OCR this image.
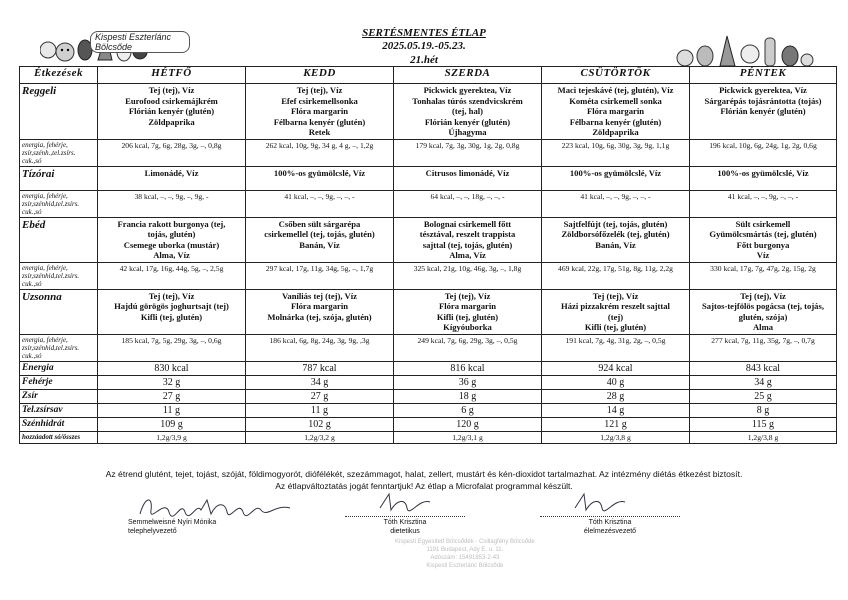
Kispesti Eszterlánc Bölcsőde
SERTÉSMENTES ÉTLAP
2025.05.19.-05.23.
21.hét
Étkezések	HÉTFŐ	KEDD	SZERDA	CSÜTÖRTÖK	PÉNTEK
Reggeli	Tej (tej), Víz
Eurofood csirkemájkrém
Flórián kenyér (glutén)
Zöldpaprika	Tej (tej), Víz
Efef csirkemellsonka
Flóra margarin
Félbarna kenyér (glutén)
Retek	Pickwick gyerektea, Víz
Tonhalas túrós szendvicskrém
(tej, hal)
Flórián kenyér (glutén)
Újhagyma	Maci tejeskávé (tej, glutén), Víz
Kométa csirkemell sonka
Flóra margarin
Félbarna kenyér (glutén)
Zöldpaprika	Pickwick gyerektea, Víz
Sárgarépás tojásrántotta (tojás)
Flórián kenyér (glutén)

energia, fehérje, zsír,szénh.,tel.zsírs. cuk.,só	206 kcal, 7g, 6g, 28g, 3g, –, 0,8g	262 kcal, 10g, 9g, 34 g, 4 g, –, 1,2g	179 kcal, 7g, 3g, 30g, 1g, 2g, 0,8g	223 kcal, 10g, 6g, 30g, 3g, 9g, 1,1g	196 kcal, 10g, 6g, 24g, 1g, 2g, 0,6g
Tízórai	Limonádé, Víz	100%-os gyümölcslé, Víz	Citrusos limonádé, Víz	100%-os gyümölcslé, Víz	100%-os gyümölcslé, Víz

energia, fehérje, zsír,szénhid,tel.zsírs. cuk.,só	38 kcal, –, –, 9g, –, 9g, -	41 kcal, –, –, 9g, –, –, -	64 kcal, –, –, 18g, –, –, -	41 kcal, –, –, 9g, –, –, -	41 kcal, –, –, 9g, –, –, -
Ebéd	Francia rakott burgonya (tej,
tojás, glutén)
Csemege uborka (mustár)
Alma, Víz	Csőben sült sárgarépa
csirkemellel (tej, tojás, glutén)
Banán, Víz	Bolognai csirkemell főtt
tésztával, reszelt trappista
sajttal (tej, tojás, glutén)
Alma, Víz	Sajtfelfújt (tej, tojás, glutén)
Zöldborsófőzelék (tej, glutén)
Banán, Víz	Sült csirkemell
Gyümölcsmártás (tej, glutén)
Főtt burgonya
Víz

energia, fehérje, zsír,szénhid,tel.zsírs. cuk.,só	42 kcal, 17g, 16g, 44g, 5g, –, 2,5g	297 kcal, 17g, 11g, 34g, 5g, –, 1,7g	325 kcal, 21g, 10g, 46g, 3g, –, 1,8g	469 kcal, 22g, 17g, 51g, 8g, 11g, 2,2g	330 kcal, 17g, 7g, 47g, 2g, 15g, 2g
Uzsonna	Tej (tej), Víz
Hajdú görögös joghurtsajt (tej)
Kifli (tej, glutén)	Vaníliás tej (tej), Víz
Flóra margarin
Molnárka (tej, szója, glutén)	Tej (tej), Víz
Flóra margarin
Kifli (tej, glutén)
Kígyóuborka	Tej (tej), Víz
Házi pizzakrém reszelt sajttal
(tej)
Kifli (tej, glutén)	Tej (tej), Víz
Sajtos-tejfölös pogácsa (tej, tojás,
glutén, szója)
Alma

energia, fehérje, zsír,szénhid,tel.zsírs. cuk.,só	185 kcal, 7g, 5g, 29g, 3g, –, 0,6g	186 kcal, 6g, 8g, 24g, 3g, 9g, ,3g	249 kcal, 7g, 6g, 29g, 3g, –, 0,5g	191 kcal, 7g, 4g, 31g, 2g, –, 0,5g	277 kcal, 7g, 11g, 35g, 7g, –, 0,7g
Energia	830 kcal	787 kcal	816 kcal	924 kcal	843 kcal
Fehérje	32 g	34 g	36 g	40 g	34 g
Zsír	27 g	27 g	18 g	28 g	25 g
Tel.zsírsav	11 g	11 g	6 g	14 g	8 g
Szénhidrát	109 g	102 g	120 g	121 g	115 g
hozzáadott só/összes	1,2g/3,9 g	1,2g/3,2 g	1,2g/3,1 g	1,2g/3,8 g	1,2g/3,8 g
Az étrend glutént, tejet, tojást, szóját, földimogyorót, diófélékét, szezámmagot, halat, zellert, mustárt és kén-dioxidot tartalmazhat. Az intézmény diétás étkezést biztosít.
Az étlapváltoztatás jogát fenntartjuk! Az étlap a Microfalat programmal készült.
Semmelweisné Nyíri Mónika
telephelyvezető
Tóth Krisztina
dietetikus
Tóth Krisztina
élelmezésvezető
Kispesti Egyesített Bölcsődék - Csillagfény Bölcsőde
1191 Budapest, Ady E. u. 11.
Adószám: 15491853-2-43
Kispesti Eszterlánc Bölcsőde
